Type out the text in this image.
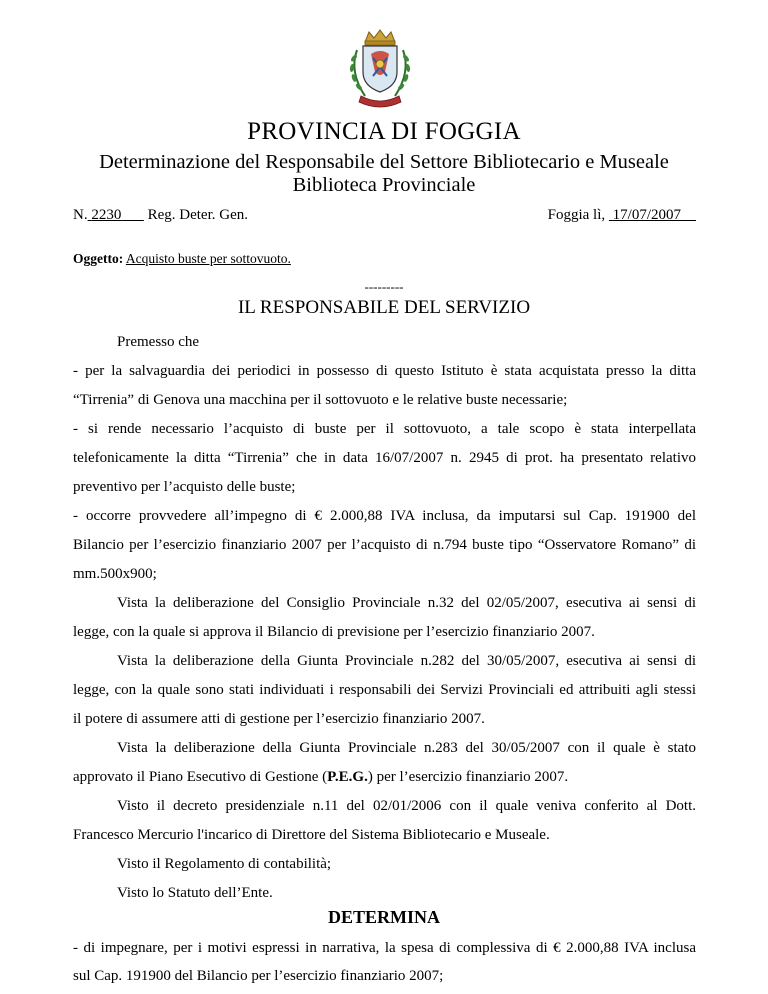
PROVINCIA DI FOGGIA
Determinazione del Responsabile del Settore Bibliotecario e Museale
Biblioteca Provinciale
N. 2230 Reg. Deter. Gen.	Foggia lì, 17/07/2007
Oggetto: Acquisto buste per sottovuoto.
---------
IL RESPONSABILE DEL SERVIZIO
Premesso che
- per la salvaguardia dei periodici in possesso di questo Istituto è stata acquistata presso la ditta
“Tirrenia” di Genova una macchina per il sottovuoto e le relative buste necessarie;
- si rende necessario l’acquisto di buste per il sottovuoto, a tale scopo è stata interpellata
telefonicamente la ditta “Tirrenia” che in data 16/07/2007 n. 2945 di prot. ha presentato relativo
preventivo per l’acquisto delle buste;
- occorre provvedere all’impegno di € 2.000,88 IVA inclusa, da imputarsi sul Cap. 191900 del
Bilancio per l’esercizio finanziario 2007 per l’acquisto di n.794 buste tipo “Osservatore Romano” di
mm.500x900;
Vista la deliberazione del Consiglio Provinciale n.32 del 02/05/2007, esecutiva ai sensi di
legge, con la quale si approva il Bilancio di previsione per l’esercizio finanziario 2007.
Vista la deliberazione della Giunta Provinciale n.282 del 30/05/2007, esecutiva ai sensi di
legge, con la quale sono stati individuati i responsabili dei Servizi Provinciali ed attribuiti agli stessi
il potere di assumere atti di gestione per l’esercizio finanziario 2007.
Vista la deliberazione della Giunta Provinciale n.283 del 30/05/2007 con il quale è stato
approvato il Piano Esecutivo di Gestione (P.E.G.) per l’esercizio finanziario 2007.
Visto il decreto presidenziale n.11 del 02/01/2006 con il quale veniva conferito al Dott.
Francesco Mercurio l'incarico di Direttore del Sistema Bibliotecario e Museale.
Visto il Regolamento di contabilità;
Visto lo Statuto dell’Ente.
DETERMINA
- di impegnare, per i motivi espressi in narrativa, la spesa di complessiva di € 2.000,88 IVA inclusa
sul Cap. 191900 del Bilancio per l’esercizio finanziario 2007;
